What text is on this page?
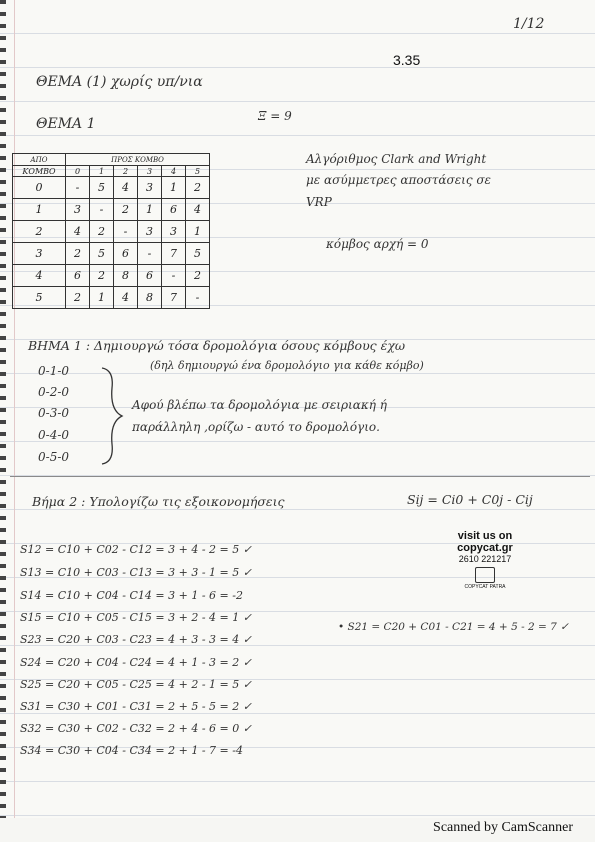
1/12
3.35
ΘΕΜΑ (1) χωρίς υπ/νια
ΘΕΜΑ 1	Ξ = 9
ΑΠΟ	ΠΡΟΣ ΚΟΜΒΟ					
ΚΟΜΒΟ	0	1	2	3	4	5
0	-	5	4	3	1	2
1	3	-	2	1	6	4
2	4	2	-	3	3	1
3	2	5	6	-	7	5
4	6	2	8	6	-	2
5	2	1	4	8	7	-
Αλγόριθμος Clark and Wright
με ασύμμετρες αποστάσεις σε
VRP
κόμβος αρχή = 0
ΒΗΜΑ 1 : Δημιουργώ τόσα δρομολόγια όσους κόμβους έχω
(δηλ δημιουργώ ένα δρομολόγιο για κάθε κόμβο)
0-1-0
0-2-0
0-3-0
0-4-0
0-5-0
Αφού βλέπω τα δρομολόγια με σειριακή ή
παράλληλη ,ορίζω - αυτό το δρομολόγιο.
Βήμα 2 : Υπολογίζω τις εξοικονομήσεις	Sij = Ci0 + C0j - Cij
S12 = C10 + C02 - C12 = 3 + 4 - 2 = 5 ✓
S13 = C10 + C03 - C13 = 3 + 3 - 1 = 5 ✓
S14 = C10 + C04 - C14 = 3 + 1 - 6 = -2
S15 = C10 + C05 - C15 = 3 + 2 - 4 = 1 ✓
S23 = C20 + C03 - C23 = 4 + 3 - 3 = 4 ✓
S24 = C20 + C04 - C24 = 4 + 1 - 3 = 2 ✓
S25 = C20 + C05 - C25 = 4 + 2 - 1 = 5 ✓
S31 = C30 + C01 - C31 = 2 + 5 - 5 = 2 ✓
S32 = C30 + C02 - C32 = 2 + 4 - 6 = 0 ✓
S34 = C30 + C04 - C34 = 2 + 1 - 7 = -4
• S21 = C20 + C01 - C21 = 4 + 5 - 2 = 7 ✓
visit us on
copycat.gr
2610 221217
COPYCAT PATRA
Scanned by CamScanner
